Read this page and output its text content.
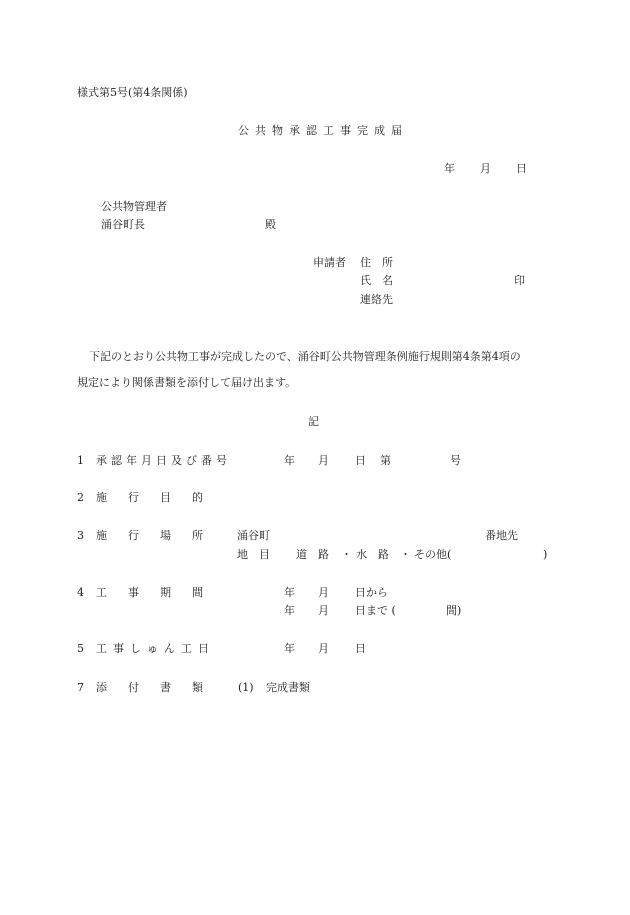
様式第5号(第4条関係)
公共物承認工事完成届
年 月 日
公共物管理者
涌谷町長	殿
申請者 住　所
氏　名	印
連絡先
下記のとおり公共物工事が完成したので、涌谷町公共物管理条例施行規則第4条第4項の
規定により関係書類を添付して届け出ます。
記
1 承認年月日及び番号	年 月 日 第	号
2 施行目的
3 施行場所 涌谷町	番地先
地　目 道　路 ・ 水　路 ・ その他(	)
4 工事期間	年 月 日から
年 月 日まで (	間)
5 工事しゅん工日	年 月 日
7 添付書類 (1) 完成書類
